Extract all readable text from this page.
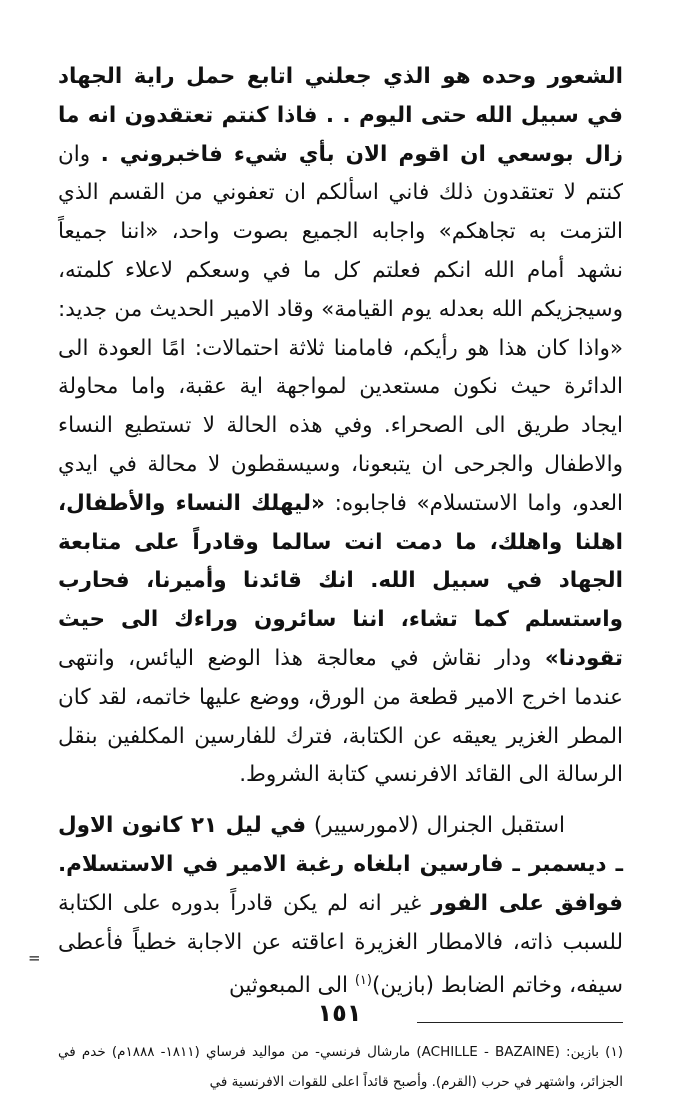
الشعور وحده هو الذي جعلني اتابع حمل راية الجهاد في سبيل الله حتى اليوم . . فاذا كنتم تعتقدون انه ما زال بوسعي ان اقوم الان بأي شيء فاخبروني . وان كنتم لا تعتقدون ذلك فاني اسألكم ان تعفوني من القسم الذي التزمت به تجاهكم» واجابه الجميع بصوت واحد، «اننا جميعاً نشهد أمام الله انكم فعلتم كل ما في وسعكم لاعلاء كلمته، وسيجزيكم الله بعدله يوم القيامة» وقاد الامير الحديث من جديد: «واذا كان هذا هو رأيكم، فامامنا ثلاثة احتمالات: امًا العودة الى الدائرة حيث نكون مستعدين لمواجهة اية عقبة، واما محاولة ايجاد طريق الى الصحراء. وفي هذه الحالة لا تستطيع النساء والاطفال والجرحى ان يتبعونا، وسيسقطون لا محالة في ايدي العدو، واما الاستسلام» فاجابوه: «ليهلك النساء والأطفال، اهلنا واهلك، ما دمت انت سالما وقادراً على متابعة الجهاد في سبيل الله. انك قائدنا وأميرنا، فحارب واستسلم كما تشاء، اننا سائرون وراءك الى حيث تقودنا» ودار نقاش في معالجة هذا الوضع اليائس، وانتهى عندما اخرج الامير قطعة من الورق، ووضع عليها خاتمه، لقد كان المطر الغزير يعيقه عن الكتابة، فترك للفارسين المكلفين بنقل الرسالة الى القائد الافرنسي كتابة الشروط.

استقبل الجنرال (لامورسيير) في ليل ٢١ كانون الاول ـ ديسمبر ـ فارسين ابلغاه رغبة الامير في الاستسلام. فوافق على الفور غير انه لم يكن قادراً بدوره على الكتابة للسبب ذاته، فالامطار الغزيرة اعاقته عن الاجابة خطياً فأعطى سيفه، وخاتم الضابط (بازين)$^{(١)}$ الى المبعوثين

(١) بازين: (ACHILLE - BAZAINE) مارشال فرنسي- من مواليد فرساي (١٨١١- ١٨٨٨م) خدم في الجزائر، واشتهر في حرب (القرم). وأصبح قائداً اعلى للقوات الافرنسية في

=
١٥١
